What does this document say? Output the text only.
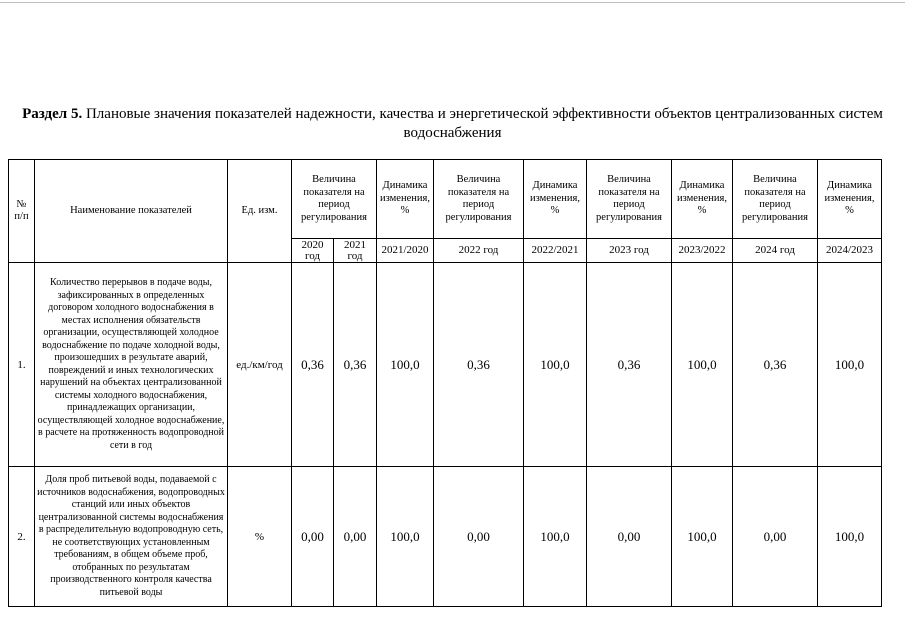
Раздел 5. Плановые значения показателей надежности, качества и энергетической эффективности объектов централизованных систем водоснабжения
№ п/п	Наименование показателей	Ед. изм.	Величина показателя на период регулирования		Динамика изменения, %	Величина показателя на период регулирования	Динамика изменения, %	Величина показателя на период регулирования	Динамика изменения, %	Величина показателя на период регулирования	Динамика изменения, %
			2020 год	2021 год	2021/2020	2022 год	2022/2021	2023 год	2023/2022	2024 год	2024/2023
1.	Количество перерывов в подаче воды, зафиксированных в определенных договором холодного водоснабжения в местах исполнения обязательств организации, осуществляющей холодное водоснабжение по подаче холодной воды, произошедших в результате аварий, повреждений и иных технологических нарушений на объектах централизованной системы холодного водоснабжения, принадлежащих организации, осуществляющей холодное водоснабжение, в расчете на протяженность водопроводной сети в год	ед./км/год	0,36	0,36	100,0	0,36	100,0	0,36	100,0	0,36	100,0
2.	Доля проб питьевой воды, подаваемой с источников водоснабжения, водопроводных станций или иных объектов централизованной системы водоснабжения в распределительную водопроводную сеть, не соответствующих установленным требованиям, в общем объеме проб, отобранных по результатам производственного контроля качества питьевой воды	%	0,00	0,00	100,0	0,00	100,0	0,00	100,0	0,00	100,0
